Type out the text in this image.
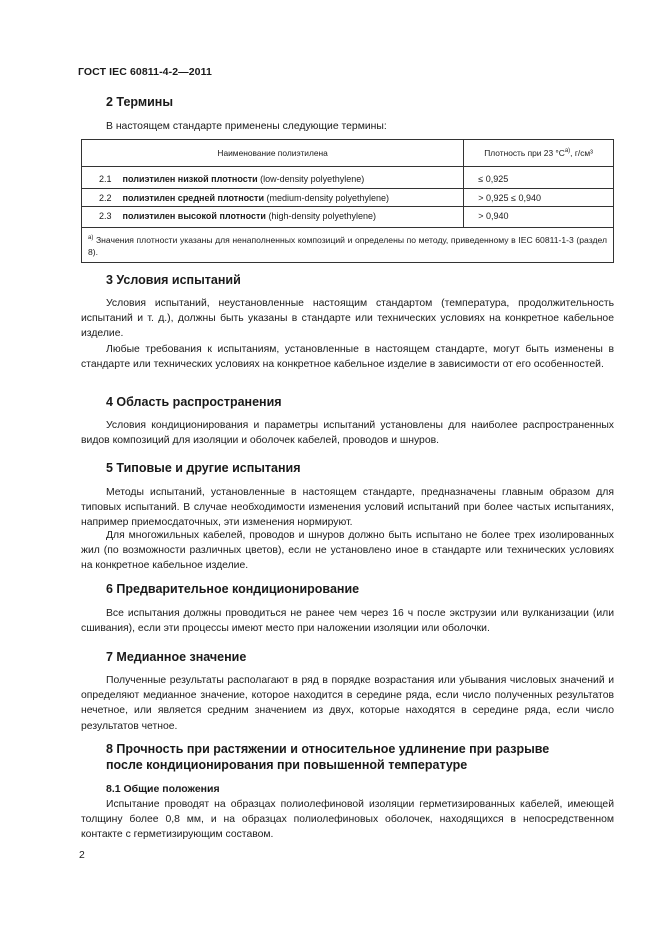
ГОСТ IEC 60811-4-2—2011
2 Термины
В настоящем стандарте применены следующие термины:
Наименование полиэтилена	Плотность при 23 $^\circ С^{а)}$, г/см³
2.1 полиэтилен низкой плотности (low-density polyethylene)	≤ 0,925
2.2 полиэтилен средней плотности (medium-density polyethylene)	> 0,925 ≤ 0,940
2.3 полиэтилен высокой плотности (high-density polyethylene)	> 0,940
$^{а)}$ Значения плотности указаны для ненаполненных композиций и определены по методу, приведенному в IEC 60811-1-3 (раздел 8).	
3 Условия испытаний

Условия испытаний, неустановленные настоящим стандартом (температура, продолжительность испытаний и т. д.), должны быть указаны в стандарте или технических условиях на конкретное кабельное изделие.

Любые требования к испытаниям, установленные в настоящем стандарте, могут быть изменены в стандарте или технических условиях на конкретное кабельное изделие в зависимости от его особенностей.

4 Область распространения

Условия кондиционирования и параметры испытаний установлены для наиболее распространенных видов композиций для изоляции и оболочек кабелей, проводов и шнуров.

5 Типовые и другие испытания

Методы испытаний, установленные в настоящем стандарте, предназначены главным образом для типовых испытаний. В случае необходимости изменения условий испытаний при более частых испытаниях, например приемосдаточных, эти изменения нормируют.

Для многожильных кабелей, проводов и шнуров должно быть испытано не более трех изолированных жил (по возможности различных цветов), если не установлено иное в стандарте или технических условиях на конкретное кабельное изделие.

6 Предварительное кондиционирование

Все испытания должны проводиться не ранее чем через 16 ч после экструзии или вулканизации (или сшивания), если эти процессы имеют место при наложении изоляции или оболочки.

7 Медианное значение

Полученные результаты располагают в ряд в порядке возрастания или убывания числовых значений и определяют медианное значение, которое находится в середине ряда, если число полученных результатов нечетное, или является средним значением из двух, которые находятся в середине ряда, если число результатов четное.

8 Прочность при растяжении и относительное удлинение при разрыве
после кондиционирования при повышенной температуре
8.1 Общие положения

Испытание проводят на образцах полиолефиновой изоляции герметизированных кабелей, имеющей толщину более 0,8 мм, и на образцах полиолефиновых оболочек, находящихся в непосредственном контакте с герметизирующим составом.

2
